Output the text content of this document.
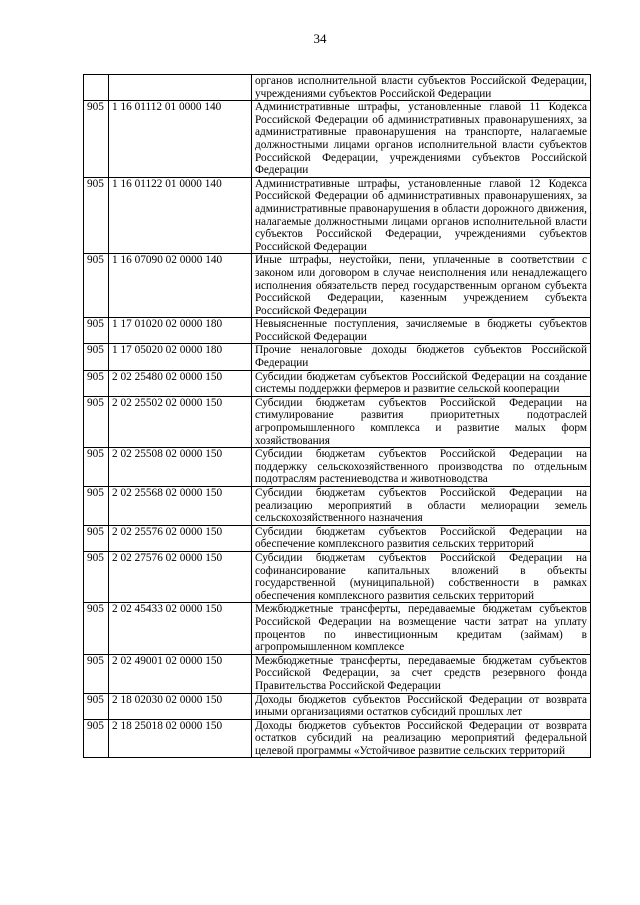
34
		органов исполнительной власти субъектов Российской Федерации, учреждениями субъектов Российской Федерации
905	1 16 01112 01 0000 140	Административные штрафы, установленные главой 11 Кодекса Российской Федерации об административных правонарушениях, за административные правонарушения на транспорте, налагаемые должностными лицами органов исполнительной власти субъектов Российской Федерации, учреждениями субъектов Российской Федерации
905	1 16 01122 01 0000 140	Административные штрафы, установленные главой 12 Кодекса Российской Федерации об административных правонарушениях, за административные правонарушения в области дорожного движения, налагаемые должностными лицами органов исполнительной власти субъектов Российской Федерации, учреждениями субъектов Российской Федерации
905	1 16 07090 02 0000 140	Иные штрафы, неустойки, пени, уплаченные в соответствии с законом или договором в случае неисполнения или ненадлежащего исполнения обязательств перед государственным органом субъекта Российской Федерации, казенным учреждением субъекта Российской Федерации
905	1 17 01020 02 0000 180	Невыясненные поступления, зачисляемые в бюджеты субъектов Российской Федерации
905	1 17 05020 02 0000 180	Прочие неналоговые доходы бюджетов субъектов Российской Федерации
905	2 02 25480 02 0000 150	Субсидии бюджетам субъектов Российской Федерации на создание системы поддержки фермеров и развитие сельской кооперации
905	2 02 25502 02 0000 150	Субсидии бюджетам субъектов Российской Федерации на стимулирование развития приоритетных подотраслей агропромышленного комплекса и развитие малых форм хозяйствования
905	2 02 25508 02 0000 150	Субсидии бюджетам субъектов Российской Федерации на поддержку сельскохозяйственного производства по отдельным подотраслям растениеводства и животноводства
905	2 02 25568 02 0000 150	Субсидии бюджетам субъектов Российской Федерации на реализацию мероприятий в области мелиорации земель сельскохозяйственного назначения
905	2 02 25576 02 0000 150	Субсидии бюджетам субъектов Российской Федерации на обеспечение комплексного развития сельских территорий
905	2 02 27576 02 0000 150	Субсидии бюджетам субъектов Российской Федерации на софинансирование капитальных вложений в объекты государственной (муниципальной) собственности в рамках обеспечения комплексного развития сельских территорий
905	2 02 45433 02 0000 150	Межбюджетные трансферты, передаваемые бюджетам субъектов Российской Федерации на возмещение части затрат на уплату процентов по инвестиционным кредитам (займам) в агропромышленном комплексе
905	2 02 49001 02 0000 150	Межбюджетные трансферты, передаваемые бюджетам субъектов Российской Федерации, за счет средств резервного фонда Правительства Российской Федерации
905	2 18 02030 02 0000 150	Доходы бюджетов субъектов Российской Федерации от возврата иными организациями остатков субсидий прошлых лет
905	2 18 25018 02 0000 150	Доходы бюджетов субъектов Российской Федерации от возврата остатков субсидий на реализацию мероприятий федеральной целевой программы «Устойчивое развитие сельских территорий
